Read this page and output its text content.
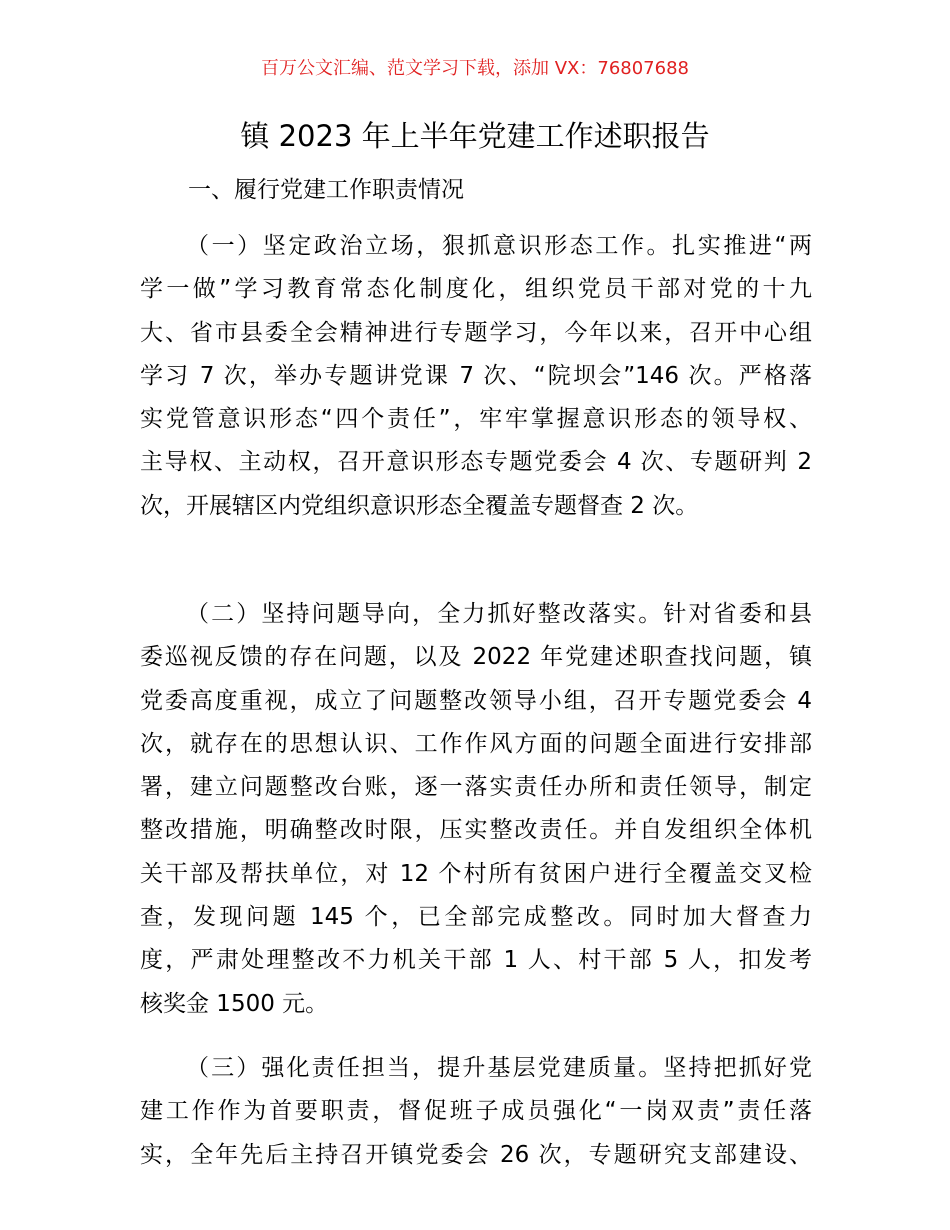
百万公文汇编、范文学习下载，添加 VX：76807688
镇 2023 年上半年党建工作述职报告

一、履行党建工作职责情况

（一）坚定政治立场，狠抓意识形态工作。扎实推进“两
学一做”学习教育常态化制度化，组织党员干部对党的十九
大、省市县委全会精神进行专题学习，今年以来，召开中心组
学习 7 次，举办专题讲党课 7 次、“院坝会”146 次。严格落
实党管意识形态“四个责任”，牢牢掌握意识形态的领导权、
主导权、主动权，召开意识形态专题党委会 4 次、专题研判 2
次，开展辖区内党组织意识形态全覆盖专题督查 2 次。
（二）坚持问题导向，全力抓好整改落实。针对省委和县
委巡视反馈的存在问题，以及 2022 年党建述职查找问题，镇
党委高度重视，成立了问题整改领导小组，召开专题党委会 4
次，就存在的思想认识、工作作风方面的问题全面进行安排部
署，建立问题整改台账，逐一落实责任办所和责任领导，制定
整改措施，明确整改时限，压实整改责任。并自发组织全体机
关干部及帮扶单位，对 12 个村所有贫困户进行全覆盖交叉检
查，发现问题 145 个，已全部完成整改。同时加大督查力
度，严肃处理整改不力机关干部 1 人、村干部 5 人，扣发考
核奖金 1500 元。
（三）强化责任担当，提升基层党建质量。坚持把抓好党
建工作作为首要职责，督促班子成员强化“一岗双责”责任落
实，全年先后主持召开镇党委会 26 次，专题研究支部建设、
